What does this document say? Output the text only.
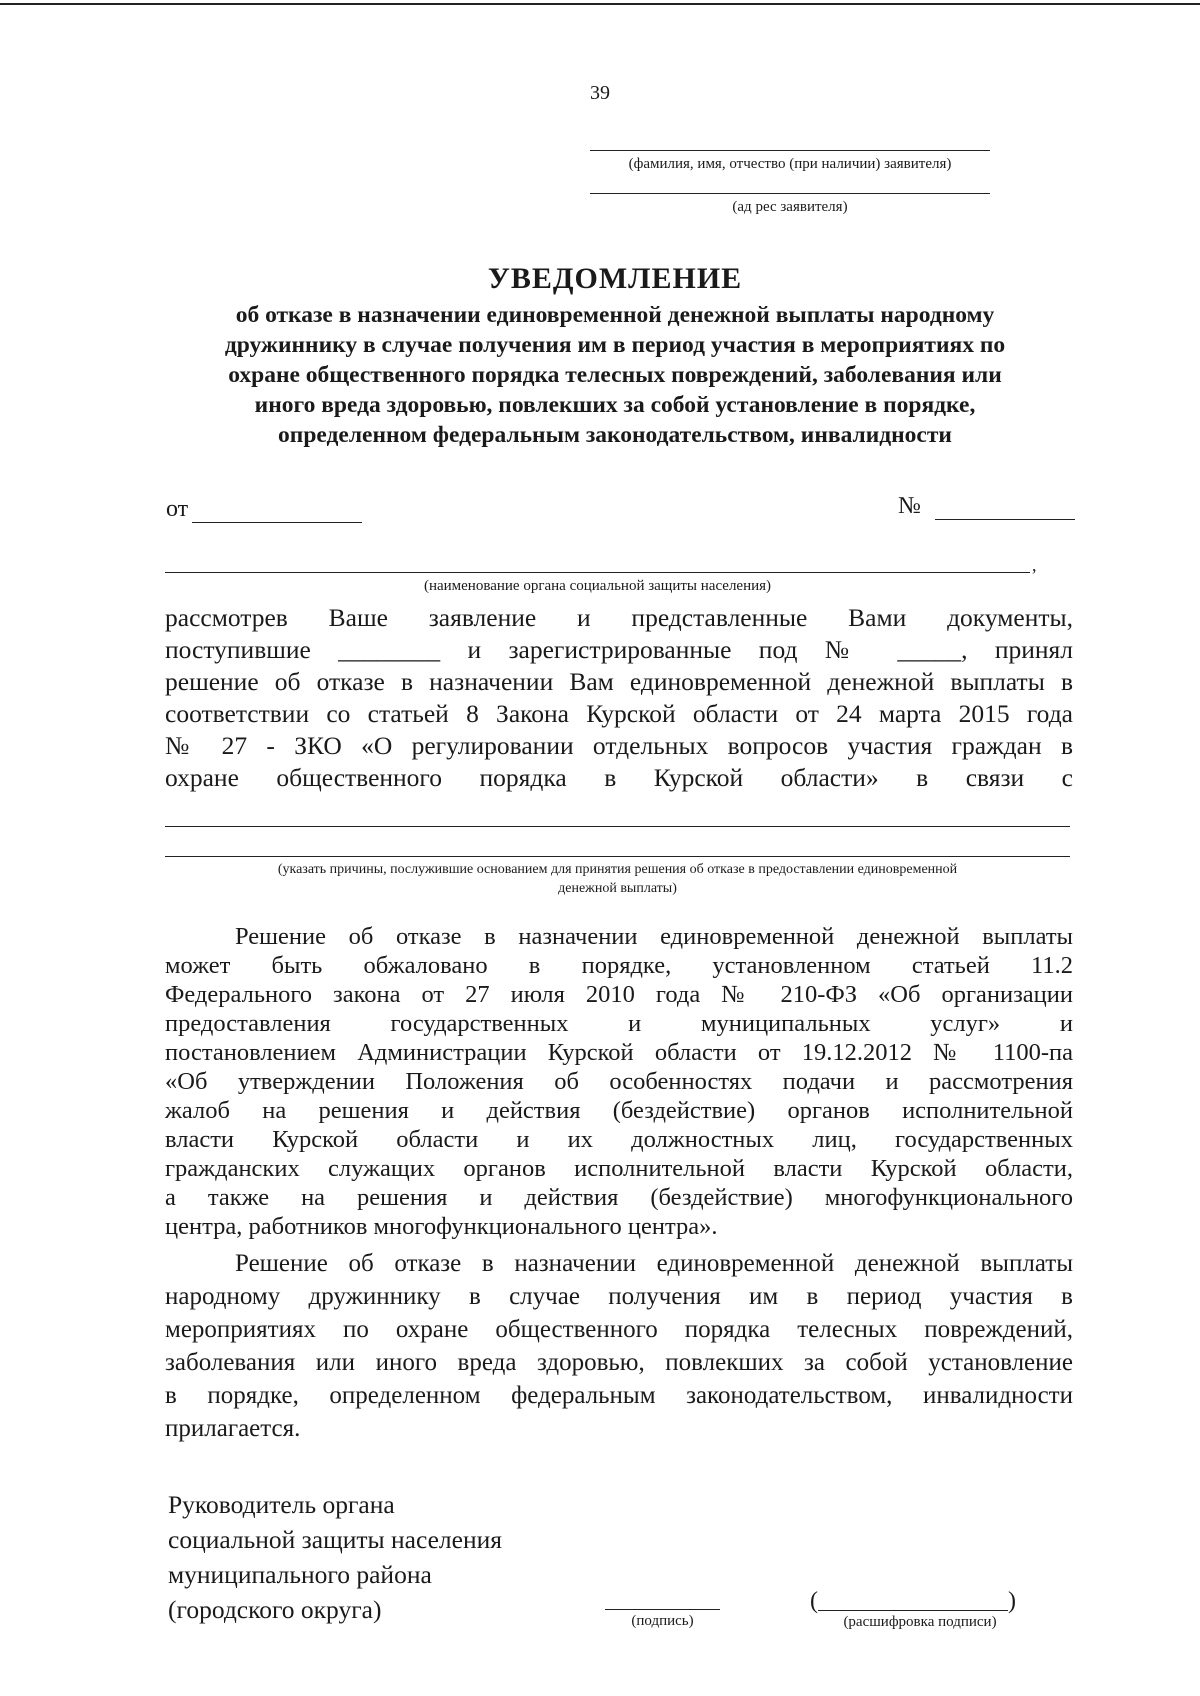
39
(фамилия, имя, отчество (при наличии) заявителя)
(ад рес заявителя)
УВЕДОМЛЕНИЕ
об отказе в назначении единовременной денежной выплаты народному
дружиннику в случае получения им в период участия в мероприятиях по
охране общественного порядка телесных повреждений, заболевания или
иного вреда здоровью, повлекших за собой установление в порядке,
определенном федеральным законодательством, инвалидности
от	№
,
(наименование органа социальной защиты населения)
рассмотрев Ваше заявление и представленные Вами документы,
поступившие ________ и зарегистрированные под № _____, принял
решение об отказе в назначении Вам единовременной денежной выплаты в
соответствии со статьей 8 Закона Курской области от 24 марта 2015 года
№ 27 - ЗКО «О регулировании отдельных вопросов участия граждан в
охране общественного порядка в Курской области» в связи с
(указать причины, послужившие основанием для принятия решения об отказе в предоставлении единовременной
денежной выплаты)
Решение об отказе в назначении единовременной денежной выплаты
может быть обжаловано в порядке, установленном статьей 11.2
Федерального закона от 27 июля 2010 года № 210-ФЗ «Об организации
предоставления государственных и муниципальных услуг» и
постановлением Администрации Курской области от 19.12.2012 № 1100-па
«Об утверждении Положения об особенностях подачи и рассмотрения
жалоб на решения и действия (бездействие) органов исполнительной
власти Курской области и их должностных лиц, государственных
гражданских служащих органов исполнительной власти Курской области,
а также на решения и действия (бездействие) многофункционального
центра, работников многофункционального центра».
Решение об отказе в назначении единовременной денежной выплаты
народному дружиннику в случае получения им в период участия в
мероприятиях по охране общественного порядка телесных повреждений,
заболевания или иного вреда здоровью, повлекших за собой установление
в порядке, определенном федеральным законодательством, инвалидности
прилагается.
Руководитель органа
социальной защиты населения
муниципального района
(городского округа)	(подпись)
(	)
(расшифровка подписи)
